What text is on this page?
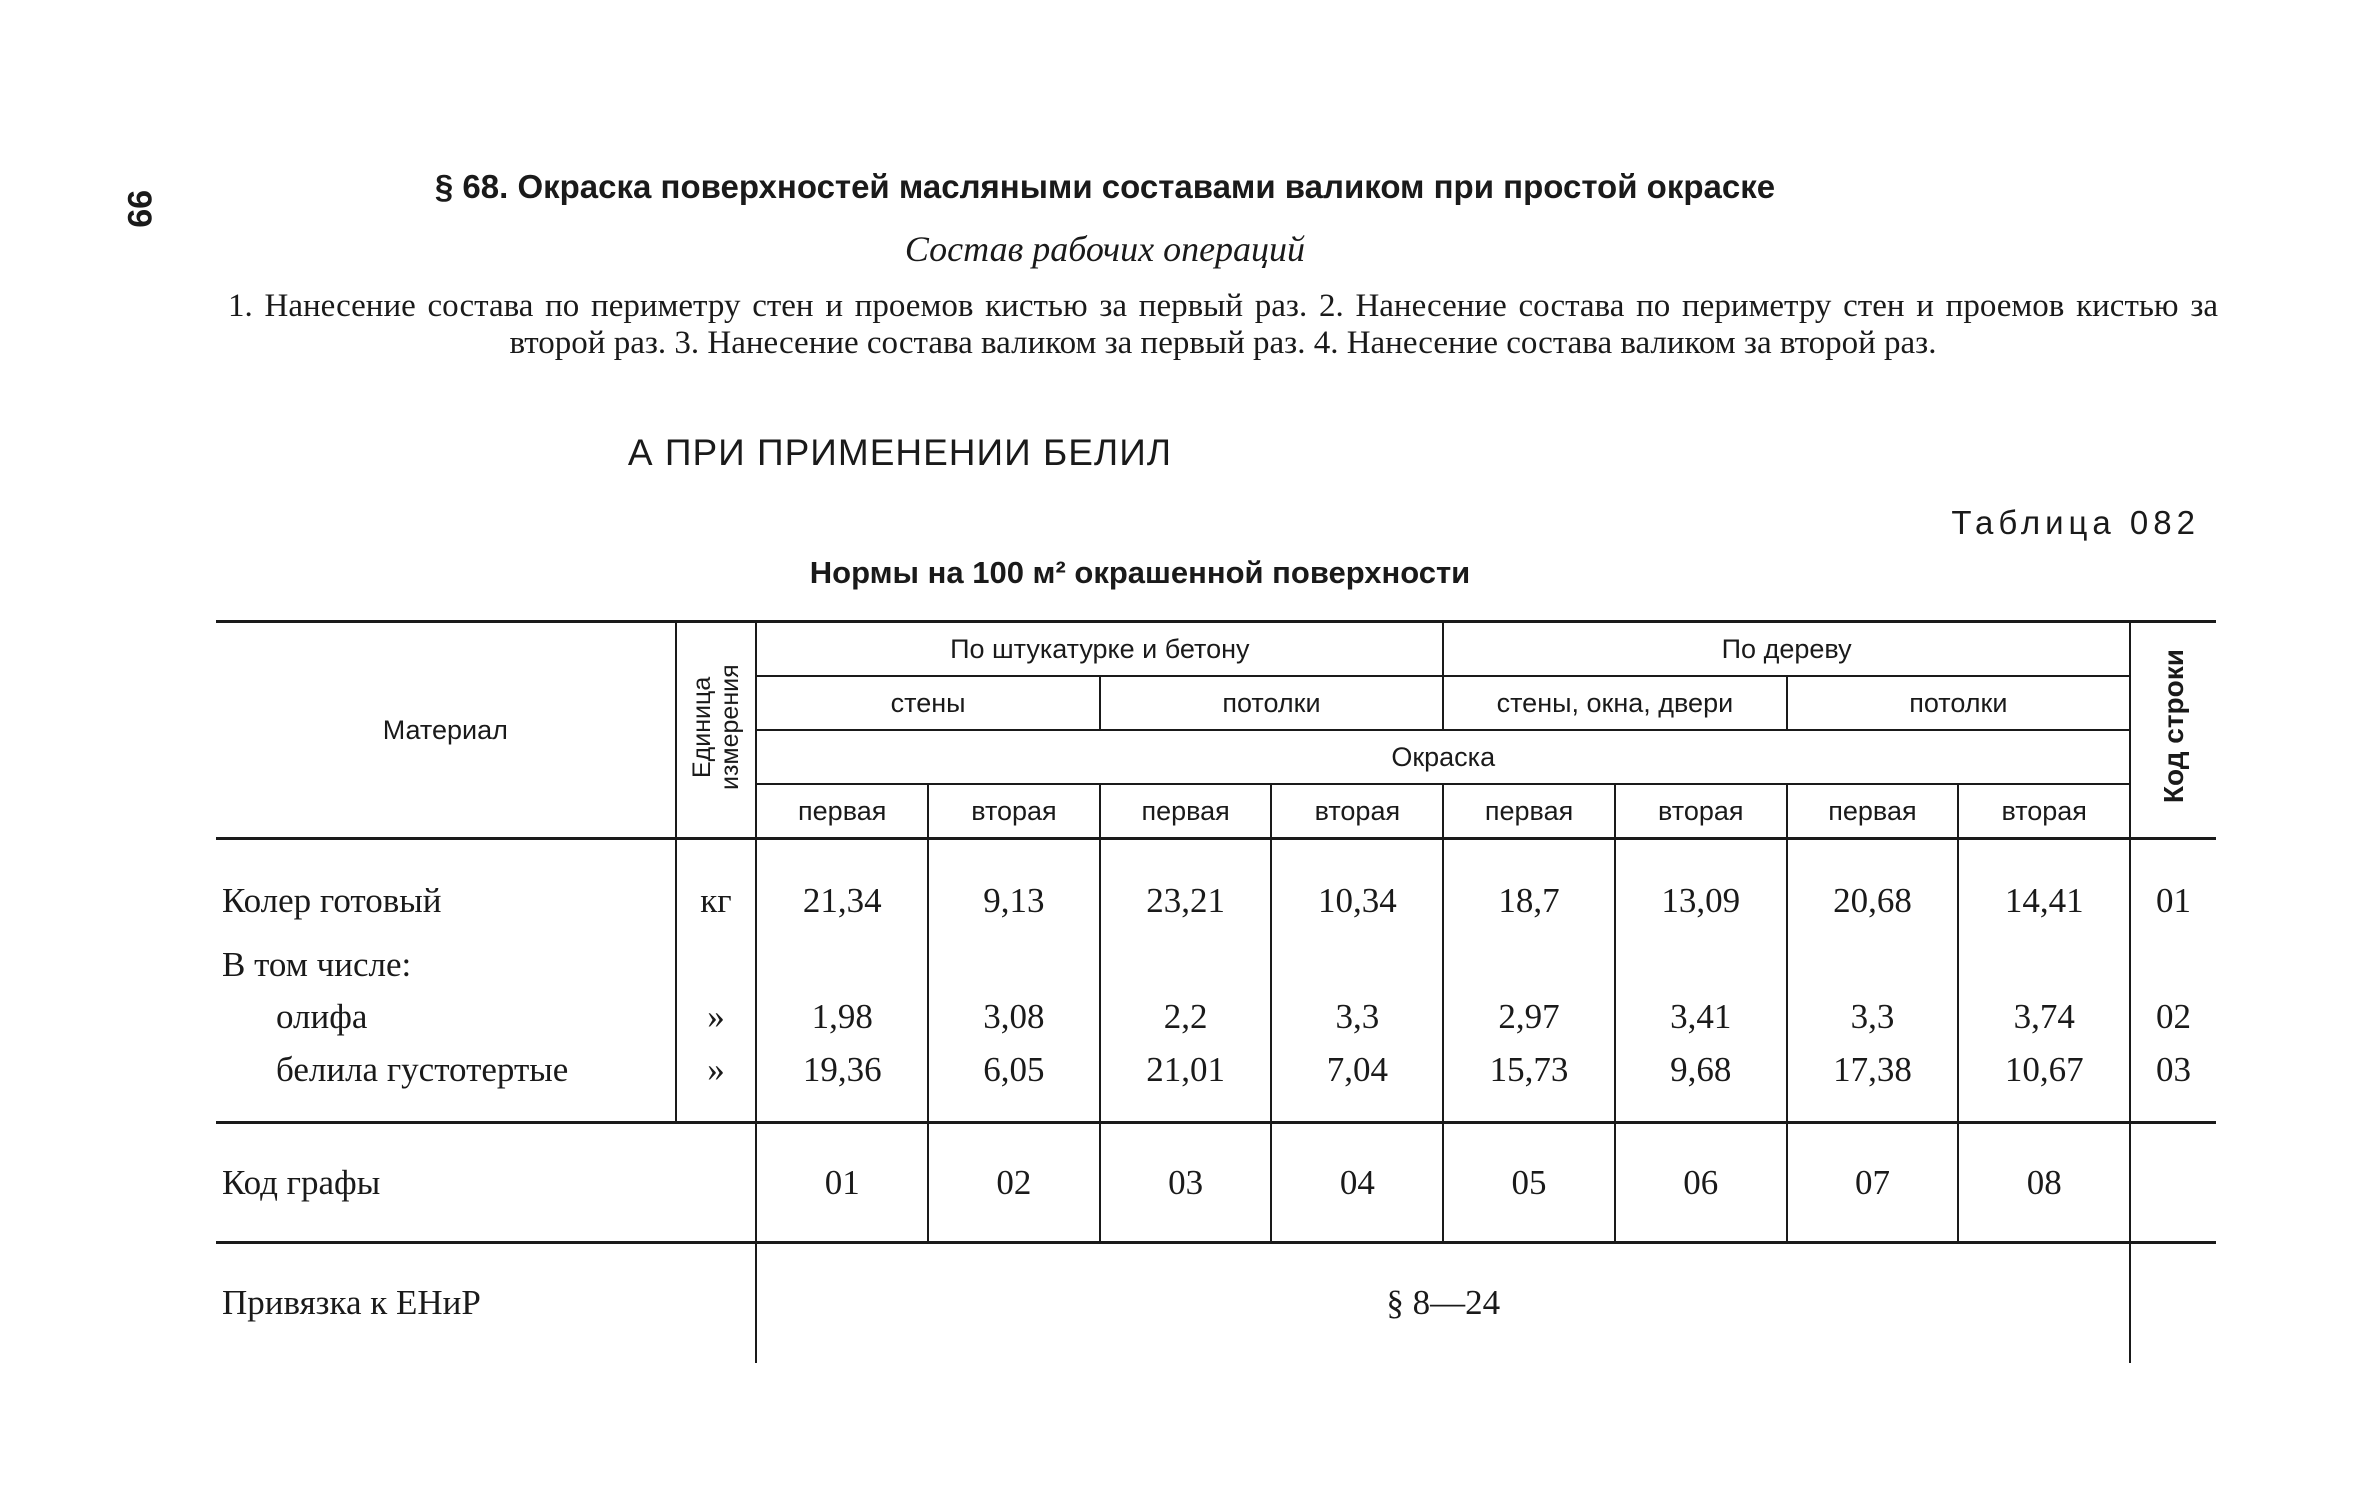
99
§ 68. Окраска поверхностей масляными составами валиком при простой окраске
Состав рабочих операций
1. Нанесение состава по периметру стен и проемов кистью за первый раз. 2. Нанесение состава по периметру стен и проемов кистью за второй раз. 3. Нанесение состава валиком за первый раз. 4. Нанесение состава валиком за второй раз.
А ПРИ ПРИМЕНЕНИИ БЕЛИЛ
Таблица 082
Нормы на 100 м² окрашенной поверхности
Материал	Единица измерения	По штукатурке и бетону				По дереву				Код строки
		стены		потолки		стены, окна, двери		потолки		
		Окраска								
		первая	вторая	первая	вторая	первая	вторая	первая	вторая	
Колер готовый	кг	21,34	9,13	23,21	10,34	18,7	13,09	20,68	14,41	01
В том числе:										
олифа	»	1,98	3,08	2,2	3,3	2,97	3,41	3,3	3,74	02
белила густотертые	»	19,36	6,05	21,01	7,04	15,73	9,68	17,38	10,67	03
Код графы		01	02	03	04	05	06	07	08	
Привязка к ЕНиР		§ 8—24								
